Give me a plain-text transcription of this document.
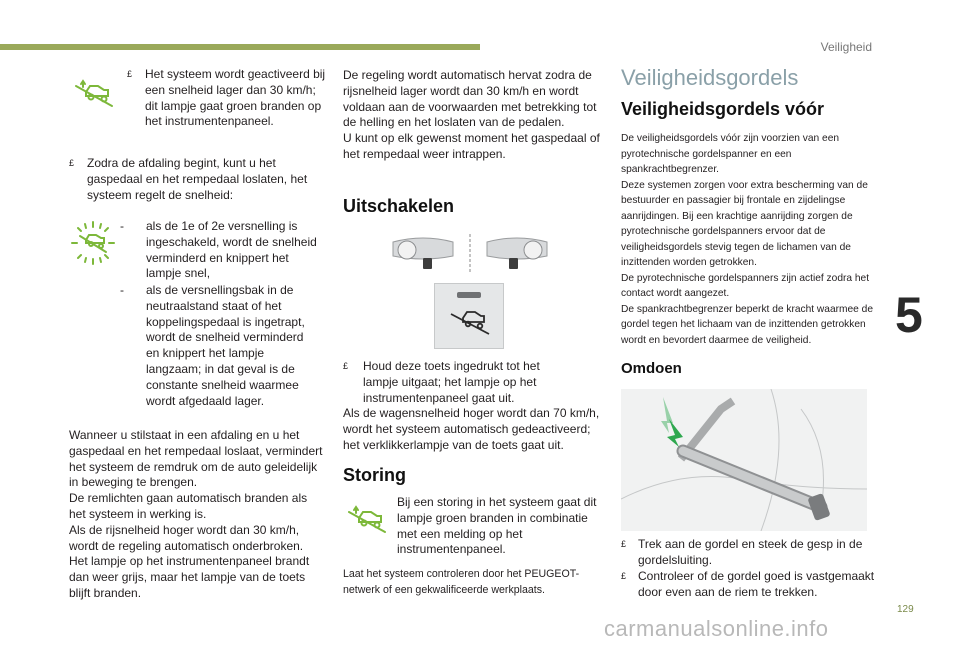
Veiligheid
5
129
£	Het systeem wordt geactiveerd bij een snelheid lager dan 30 km/h; dit lampje gaat groen branden op het instrumentenpaneel.
£	Zodra de afdaling begint, kunt u het gaspedaal en het rempedaal loslaten, het systeem regelt de snelheid:
-	als de 1e of 2e versnelling is ingeschakeld, wordt de snelheid verminderd en knippert het lampje snel,
-	als de versnellingsbak in de neutraalstand staat of het koppelingspedaal is ingetrapt, wordt de snelheid verminderd en knippert het lampje langzaam; in dat geval is de constante snelheid waarmee wordt afgedaald lager.
Wanneer u stilstaat in een afdaling en u het gaspedaal en het rempedaal loslaat, vermindert het systeem de remdruk om de auto geleidelijk in beweging te brengen.
De remlichten gaan automatisch branden als het systeem in werking is.
Als de rijsnelheid hoger wordt dan 30 km/h, wordt de regeling automatisch onderbroken. Het lampje op het instrumentenpaneel brandt dan weer grijs, maar het lampje van de toets blijft branden.
De regeling wordt automatisch hervat zodra de rijsnelheid lager wordt dan 30 km/h en wordt voldaan aan de voorwaarden met betrekking tot de helling en het loslaten van de pedalen.
U kunt op elk gewenst moment het gaspedaal of het rempedaal weer intrappen.
Uitschakelen
£	Houd deze toets ingedrukt tot het lampje uitgaat; het lampje op het instrumentenpaneel gaat uit.
Als de wagensnelheid hoger wordt dan 70 km/h, wordt het systeem automatisch gedeactiveerd; het verklikkerlampje van de toets gaat uit.
Storing
Bij een storing in het systeem gaat dit lampje groen branden in combinatie met een melding op het instrumentenpaneel.
Laat het systeem controleren door het PEUGEOT-netwerk of een gekwalificeerde werkplaats.
Veiligheidsgordels
Veiligheidsgordels vóór
De veiligheidsgordels vóór zijn voorzien van een pyrotechnische gordelspanner en een spankrachtbegrenzer.
Deze systemen zorgen voor extra bescherming van de bestuurder en passagier bij frontale en zijdelingse aanrijdingen. Bij een krachtige aanrijding zorgen de pyrotechnische gordelspanners ervoor dat de veiligheidsgordels stevig tegen de lichamen van de inzittenden worden getrokken.
De pyrotechnische gordelspanners zijn actief zodra het contact wordt aangezet.
De spankrachtbegrenzer beperkt de kracht waarmee de gordel tegen het lichaam van de inzittenden getrokken wordt en bevordert daarmee de veiligheid.
Omdoen
£ Trek aan de gordel en steek de gesp in de gordelsluiting.
£ Controleer of de gordel goed is vastgemaakt door even aan de riem te trekken.
carmanualsonline.info
